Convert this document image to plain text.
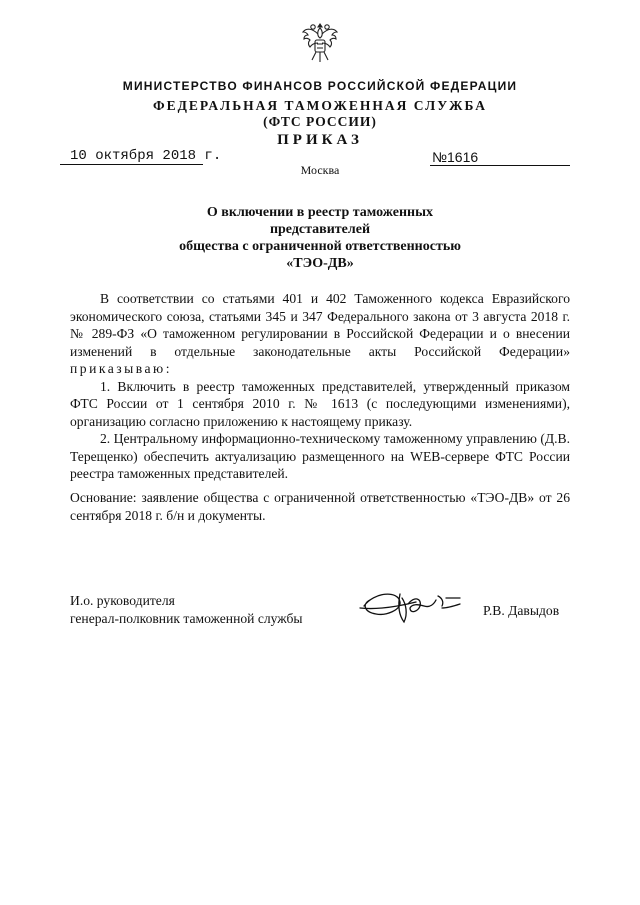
МИНИСТЕРСТВО ФИНАНСОВ РОССИЙСКОЙ ФЕДЕРАЦИИ
ФЕДЕРАЛЬНАЯ ТАМОЖЕННАЯ СЛУЖБА
(ФТС РОССИИ)
ПРИКАЗ
10 октября 2018 г.	№1616
Москва
О включении в реестр таможенных представителей
общества с ограниченной ответственностью
«ТЭО-ДВ»

В соответствии со статьями 401 и 402 Таможенного кодекса Евразийского экономического союза, статьями 345 и 347 Федерального закона от 3 августа 2018 г. № 289-ФЗ «О таможенном регулировании в Российской Федерации и о внесении изменений в отдельные законодательные акты Российской Федерации» приказываю:

1. Включить в реестр таможенных представителей, утвержденный приказом ФТС России от 1 сентября 2010 г. № 1613 (с последующими изменениями), организацию согласно приложению к настоящему приказу.

2. Центральному информационно-техническому таможенному управлению (Д.В. Терещенко) обеспечить актуализацию размещенного на WEB-сервере ФТС России реестра таможенных представителей.

Основание: заявление общества с ограниченной ответственностью «ТЭО-ДВ» от 26 сентября 2018 г. б/н и документы.

И.о. руководителя
генерал-полковник таможенной службы	Р.В. Давыдов
